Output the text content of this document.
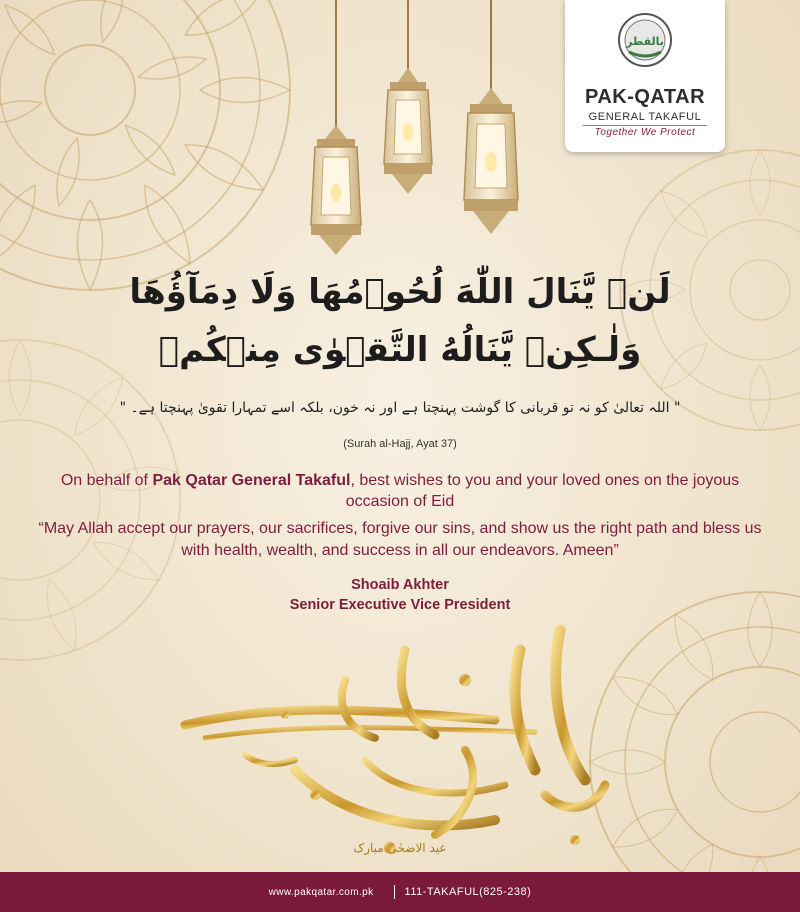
بالقطر
PAK-QATAR
GENERAL TAKAFUL
Together We Protect
لَنۡ يَّنَالَ اللّٰهَ لُحُوۡمُهَا وَلَا دِمَآؤُهَا
وَلٰـكِنۡ يَّنَالُهُ التَّقۡوٰى مِنۡكُمۡ
" اللہ تعالیٰ کو نہ تو قربانی کا گوشت پہنچتا ہے اور نہ خون، بلکہ اسے تمہارا تقویٰ پہنچتا ہے۔ "
(Surah al-Hajj, Ayat 37)
On behalf of Pak Qatar General Takaful, best wishes to you and your loved ones on the joyous occasion of Eid
“May Allah accept our prayers, our sacrifices, forgive our sins, and show us the right path and bless us with health, wealth, and success in all our endeavors. Ameen”
Shoaib Akhter
Senior Executive Vice President
عید الاضحٰی مبارک
www.pakqatar.com.pk	111-TAKAFUL(825-238)
